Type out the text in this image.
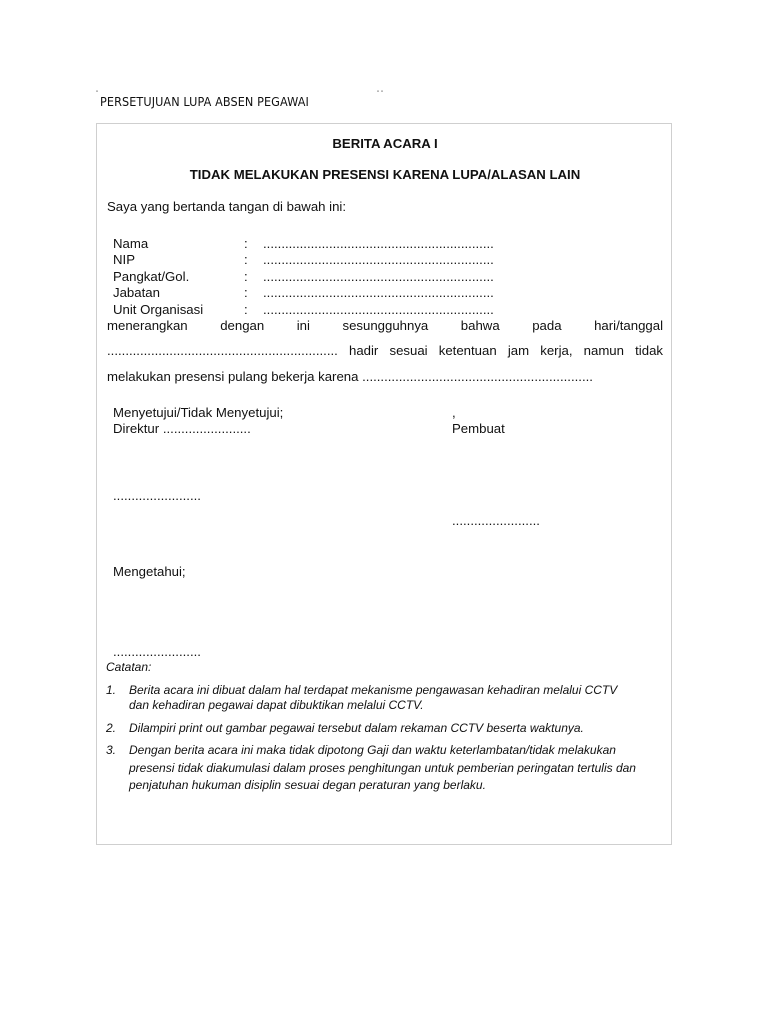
" PERSETUJUAN LUPA ABSEN PEGAWAI	" "
BERITA ACARA I
TIDAK MELAKUKAN PRESENSI KARENA LUPA/ALASAN LAIN
Saya yang bertanda tangan di bawah ini:
Nama	: ...............................................................
NIP	: ...............................................................
Pangkat/Gol.	: ...............................................................
Jabatan	: ...............................................................
Unit Organisasi	: ...............................................................
menerangkan dengan ini sesungguhnya bahwa pada hari/tanggal
............................................................... hadir sesuai ketentuan jam kerja, namun tidak
melakukan presensi pulang bekerja karena ...............................................................
Menyetujui/Tidak Menyetujui;
Direktur ........................
,
Pembuat
........................
........................
Mengetahui;
........................
Catatan:
1. Berita acara ini dibuat dalam hal terdapat mekanisme pengawasan kehadiran melalui CCTV
dan kehadiran pegawai dapat dibuktikan melalui CCTV.
2. Dilampiri print out gambar pegawai tersebut dalam rekaman CCTV beserta waktunya.
3. Dengan berita acara ini maka tidak dipotong Gaji dan waktu keterlambatan/tidak melakukan
presensi tidak diakumulasi dalam proses penghitungan untuk pemberian peringatan tertulis dan
penjatuhan hukuman disiplin sesuai degan peraturan yang berlaku.
